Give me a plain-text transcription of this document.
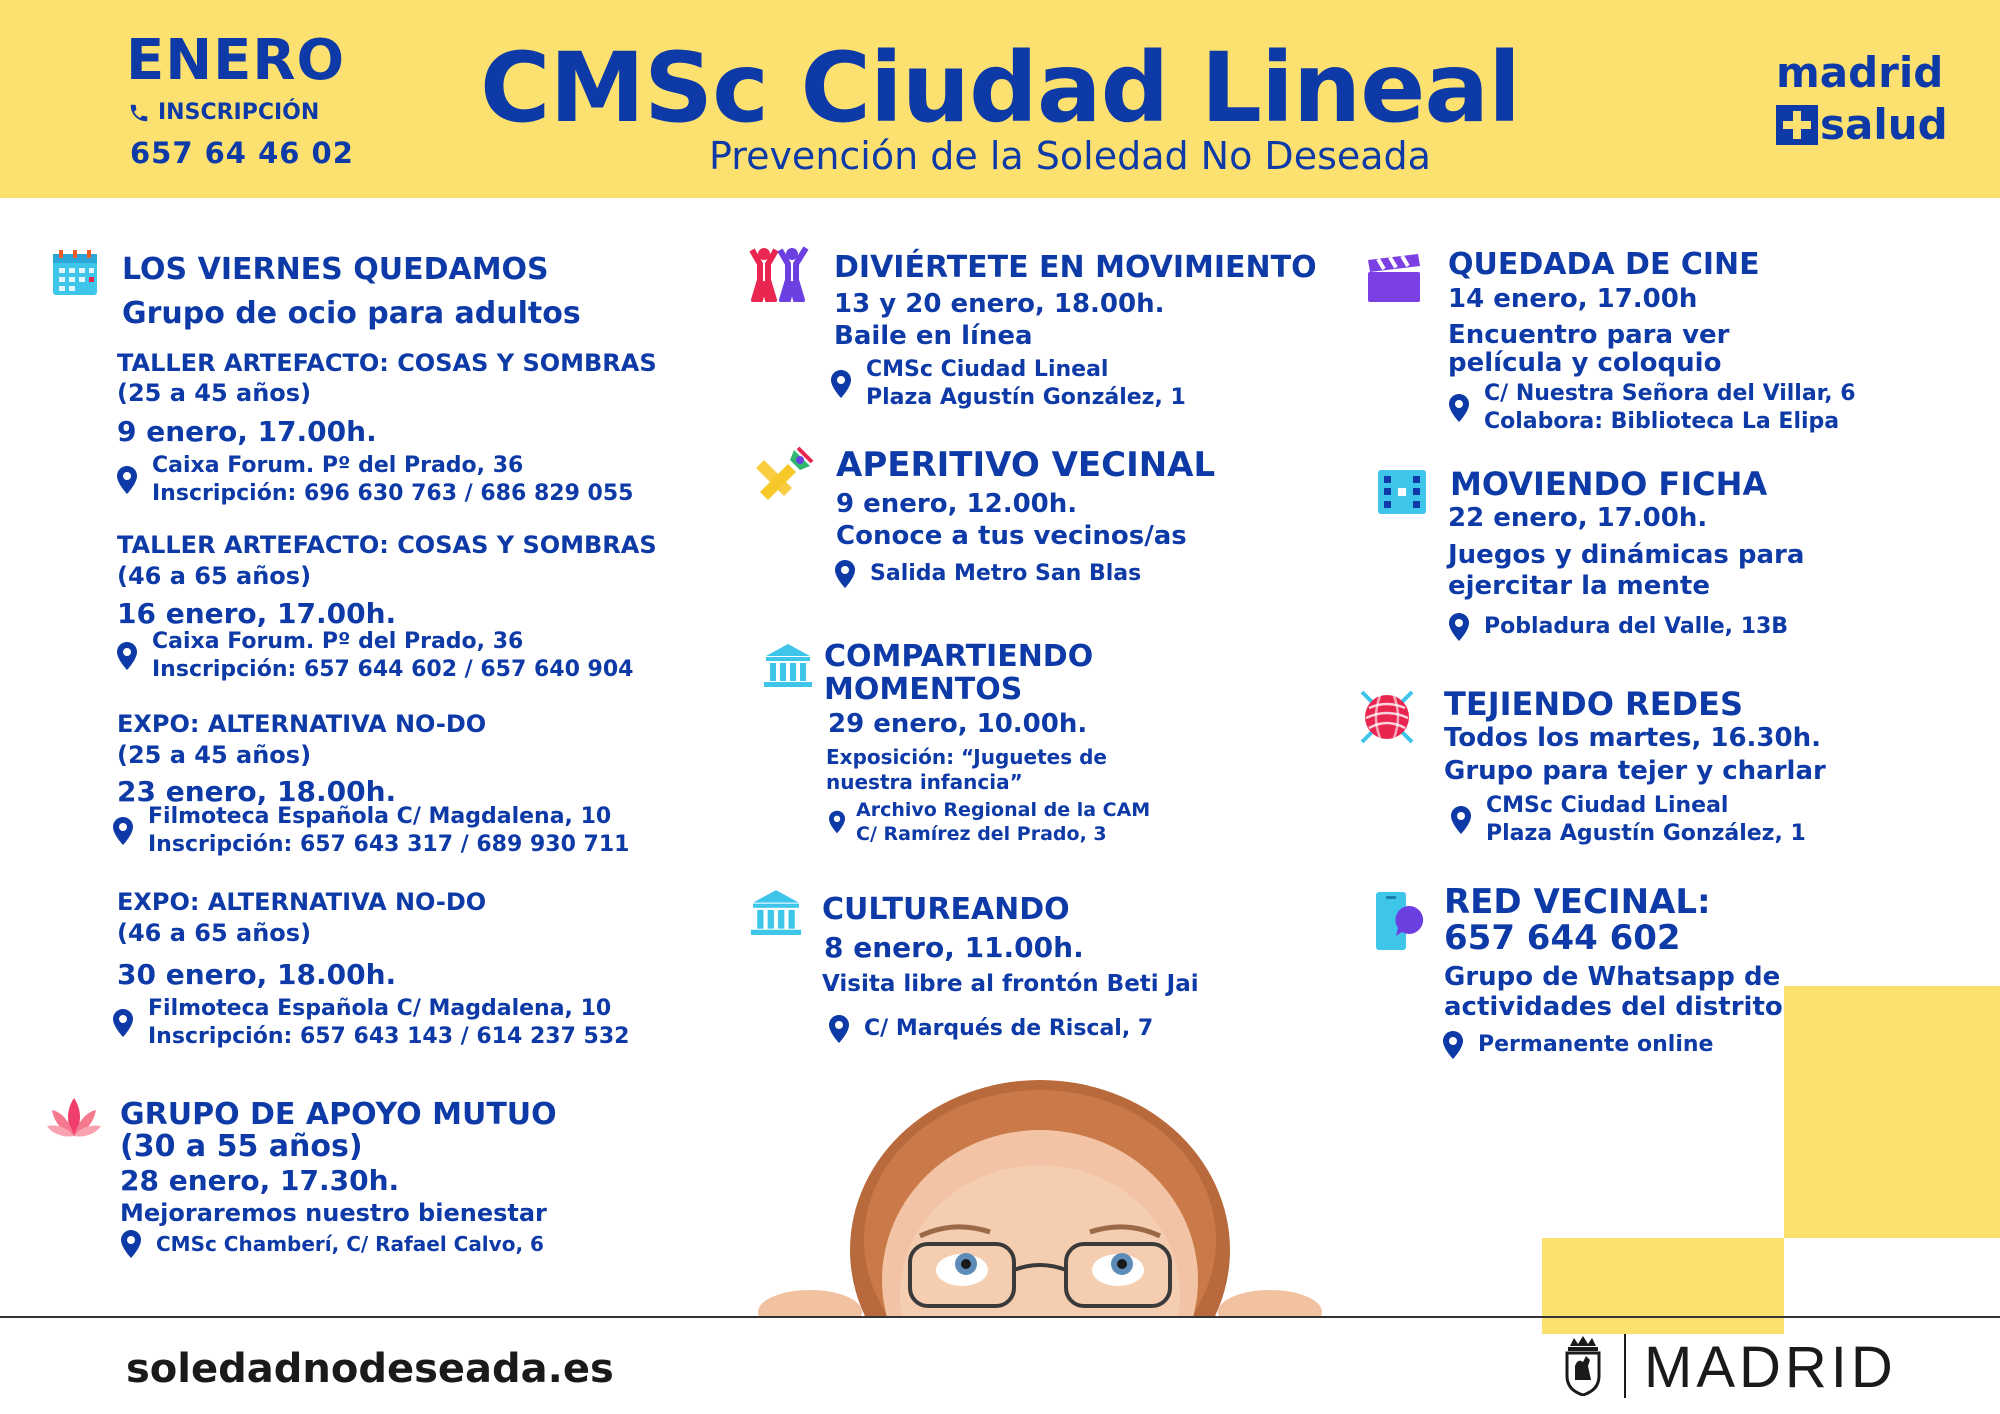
ENERO
INSCRIPCIÓN
657 64 46 02
CMSc Ciudad Lineal
Prevención de la Soledad No Deseada
madrid
salud
LOS VIERNES QUEDAMOS
Grupo de ocio para adultos
TALLER ARTEFACTO: COSAS Y SOMBRAS
(25 a 45 años)
9 enero, 17.00h.
Caixa Forum. Pº del Prado, 36
Inscripción: 696 630 763 / 686 829 055
TALLER ARTEFACTO: COSAS Y SOMBRAS
(46 a 65 años)
16 enero, 17.00h.
Caixa Forum. Pº del Prado, 36
Inscripción: 657 644 602 / 657 640 904
EXPO: ALTERNATIVA NO-DO
(25 a 45 años)
23 enero, 18.00h.
Filmoteca Española C/ Magdalena, 10
Inscripción: 657 643 317 / 689 930 711
EXPO: ALTERNATIVA NO-DO
(46 a 65 años)
30 enero, 18.00h.
Filmoteca Española C/ Magdalena, 10
Inscripción: 657 643 143 / 614 237 532
GRUPO DE APOYO MUTUO
(30 a 55 años)
28 enero, 17.30h.
Mejoraremos nuestro bienestar
CMSc Chamberí, C/ Rafael Calvo, 6
DIVIÉRTETE EN MOVIMIENTO
13 y 20 enero, 18.00h.
Baile en línea
CMSc Ciudad Lineal
Plaza Agustín González, 1
APERITIVO VECINAL
9 enero, 12.00h.
Conoce a tus vecinos/as
Salida Metro San Blas
COMPARTIENDO
MOMENTOS
29 enero, 10.00h.
Exposición: “Juguetes de
nuestra infancia”
Archivo Regional de la CAM
C/ Ramírez del Prado, 3
CULTUREANDO
8 enero, 11.00h.
Visita libre al frontón Beti Jai
C/ Marqués de Riscal, 7
QUEDADA DE CINE
14 enero, 17.00h
Encuentro para ver
película y coloquio
C/ Nuestra Señora del Villar, 6
Colabora: Biblioteca La Elipa
MOVIENDO FICHA
22 enero, 17.00h.
Juegos y dinámicas para
ejercitar la mente
Pobladura del Valle, 13B
TEJIENDO REDES
Todos los martes, 16.30h.
Grupo para tejer y charlar
CMSc Ciudad Lineal
Plaza Agustín González, 1
RED VECINAL:
657 644 602
Grupo de Whatsapp de
actividades del distrito
Permanente online
soledadnodeseada.es	MADRID
